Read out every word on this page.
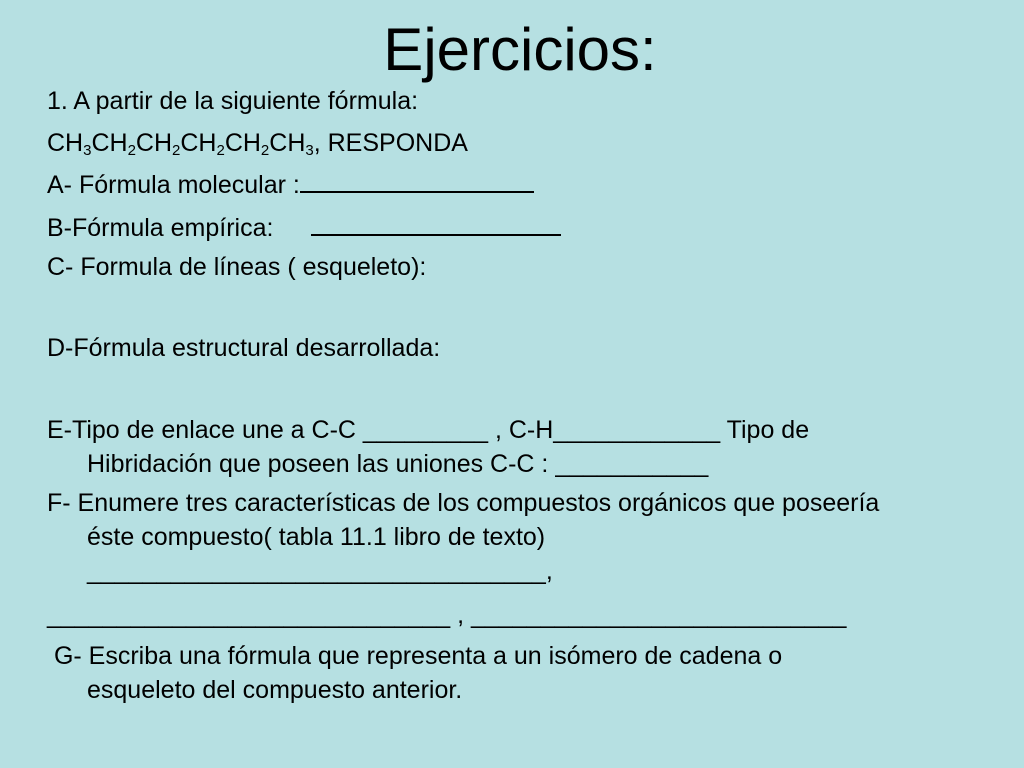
Ejercicios:
1. A partir de la siguiente fórmula:
$CH_3CH_2CH_2CH_2CH_2CH_3$, RESPONDA
A- Fórmula molecular :
B-Fórmula empírica:
C- Formula de líneas ( esqueleto):
D-Fórmula estructural desarrollada:
E-Tipo de enlace une a C-C _________ , C-H____________ Tipo de
Hibridación que poseen las uniones C-C : ___________
F- Enumere tres características de los compuestos orgánicos que poseería
éste compuesto( tabla 11.1 libro de texto)
_________________________________,
_____________________________ , ___________________________
G- Escriba una fórmula que representa a un isómero de cadena o
esqueleto del compuesto anterior.
